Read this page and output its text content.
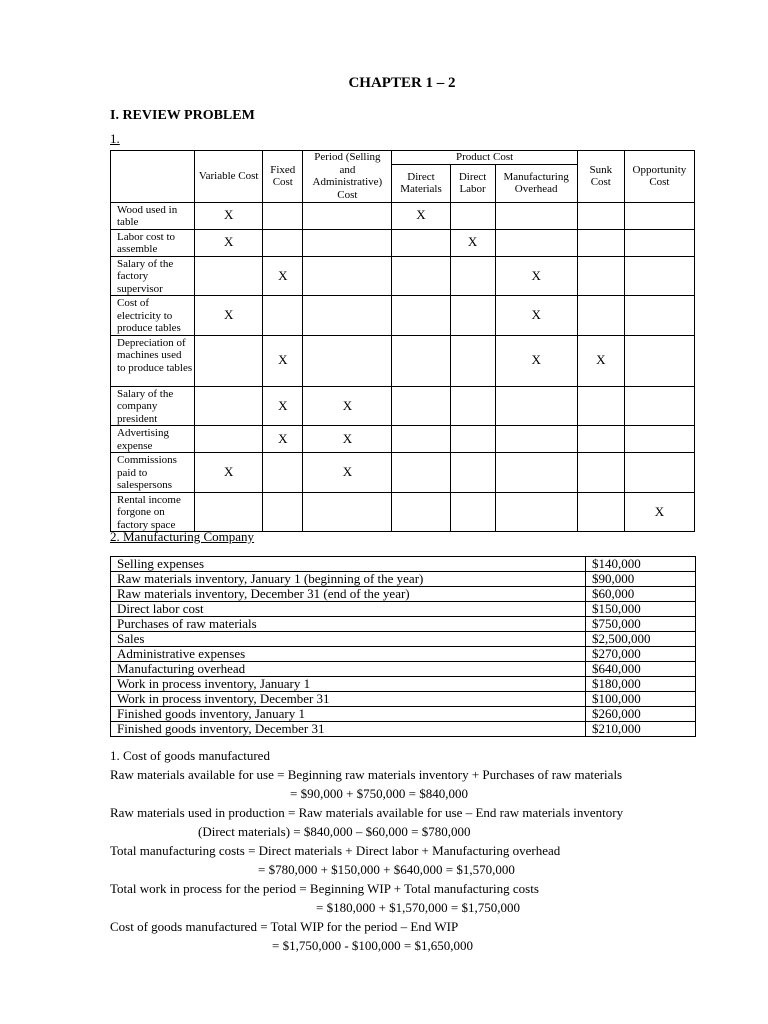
CHAPTER 1 – 2
I. REVIEW PROBLEM
1.
	Variable Cost	Fixed Cost	Period (Selling and Administrative) Cost	Product Cost			Sunk Cost	Opportunity Cost
				Direct Materials	Direct Labor	Manufacturing Overhead		
Wood used in table	X			X				
Labor cost to assemble	X				X			
Salary of the factory supervisor		X				X		
Cost of electricity to produce tables	X					X		
Depreciation of machines used to produce tables		X				X	X	
Salary of the company president		X	X					
Advertising expense		X	X					
Commissions paid to salespersons	X		X					
Rental income forgone on factory space								X
2. Manufacturing Company
Selling expenses	$140,000
Raw materials inventory, January 1 (beginning of the year)	$90,000
Raw materials inventory, December 31 (end of the year)	$60,000
Direct labor cost	$150,000
Purchases of raw materials	$750,000
Sales	$2,500,000
Administrative expenses	$270,000
Manufacturing overhead	$640,000
Work in process inventory, January 1	$180,000
Work in process inventory, December 31	$100,000
Finished goods inventory, January 1	$260,000
Finished goods inventory, December 31	$210,000
1. Cost of goods manufactured
Raw materials available for use = Beginning raw materials inventory + Purchases of raw materials
= $90,000 + $750,000 = $840,000
Raw materials used in production = Raw materials available for use – End raw materials inventory
(Direct materials) = $840,000 – $60,000 = $780,000
Total manufacturing costs = Direct materials + Direct labor + Manufacturing overhead
= $780,000 + $150,000 + $640,000 = $1,570,000
Total work in process for the period = Beginning WIP + Total manufacturing costs
= $180,000 + $1,570,000 = $1,750,000
Cost of goods manufactured = Total WIP for the period – End WIP
= $1,750,000 - $100,000 = $1,650,000
